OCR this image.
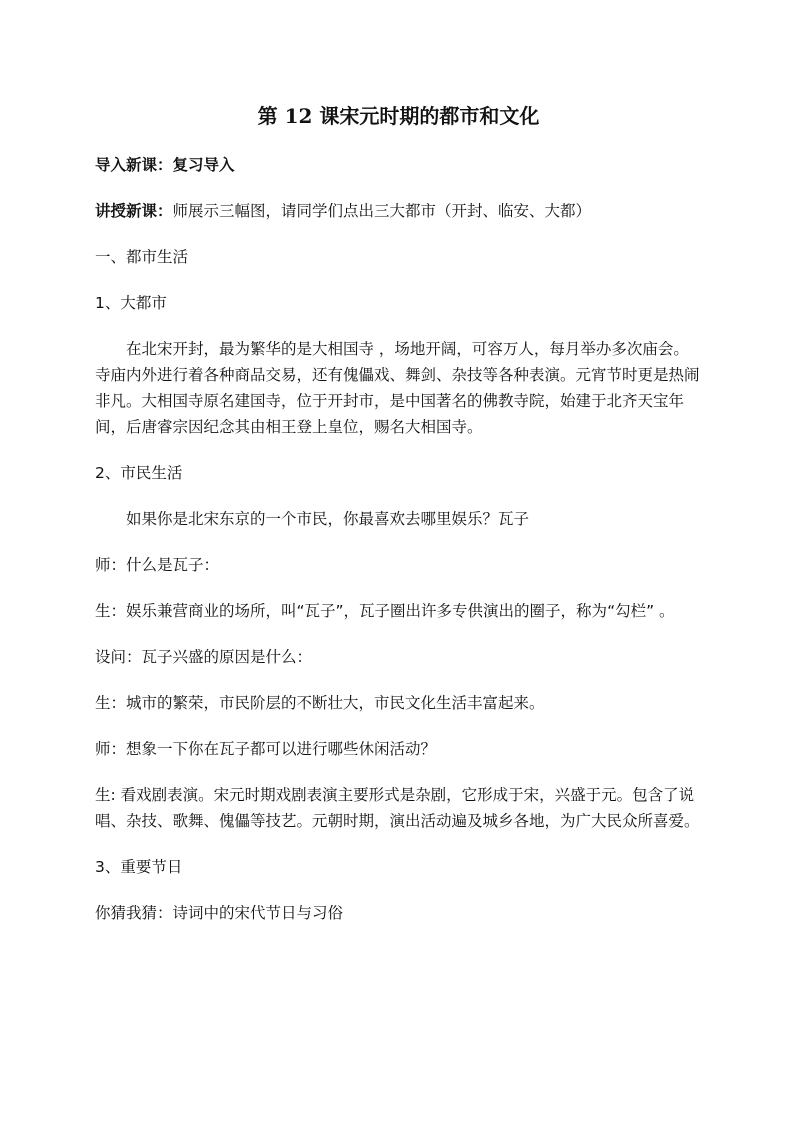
第 12 课宋元时期的都市和文化
导入新课：复习导入
讲授新课：师展示三幅图，请同学们点出三大都市（开封、临安、大都）
一、都市生活
1、大都市
在北宋开封，最为繁华的是大相国寺 ，场地开阔，可容万人，每月举办多次庙会。寺庙内外进行着各种商品交易，还有傀儡戏、舞剑、杂技等各种表演。元宵节时更是热闹非凡。大相国寺原名建国寺，位于开封市，是中国著名的佛教寺院，始建于北齐天宝年间，后唐睿宗因纪念其由相王登上皇位，赐名大相国寺。
2、市民生活
如果你是北宋东京的一个市民，你最喜欢去哪里娱乐？瓦子
师：什么是瓦子：
生：娱乐兼营商业的场所，叫“瓦子”，瓦子圈出许多专供演出的圈子，称为“勾栏” 。
设问：瓦子兴盛的原因是什么：
生：城市的繁荣，市民阶层的不断壮大，市民文化生活丰富起来。
师：想象一下你在瓦子都可以进行哪些休闲活动？
生: 看戏剧表演。宋元时期戏剧表演主要形式是杂剧，它形成于宋，兴盛于元。包含了说唱、杂技、歌舞、傀儡等技艺。元朝时期，演出活动遍及城乡各地，为广大民众所喜爱。
3、重要节日
你猜我猜：诗词中的宋代节日与习俗
